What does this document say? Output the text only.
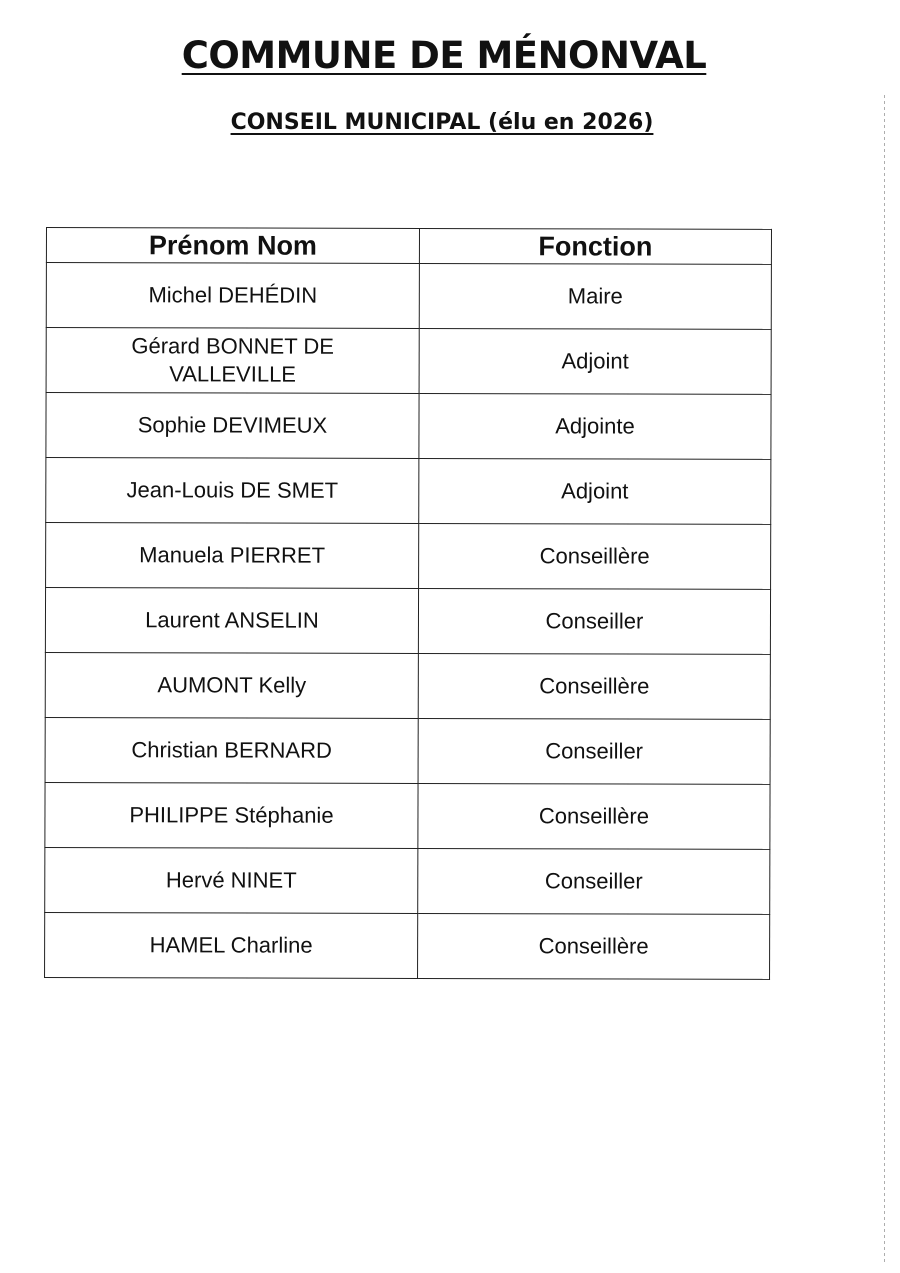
COMMUNE DE MÉNONVAL
CONSEIL MUNICIPAL (élu en 2026)
Prénom Nom	Fonction
Michel DEHÉDIN	Maire
Gérard BONNET DE VALLEVILLE	Adjoint
Sophie DEVIMEUX	Adjointe
Jean-Louis DE SMET	Adjoint
Manuela PIERRET	Conseillère
Laurent ANSELIN	Conseiller
AUMONT Kelly	Conseillère
Christian BERNARD	Conseiller
PHILIPPE Stéphanie	Conseillère
Hervé NINET	Conseiller
HAMEL Charline	Conseillère
